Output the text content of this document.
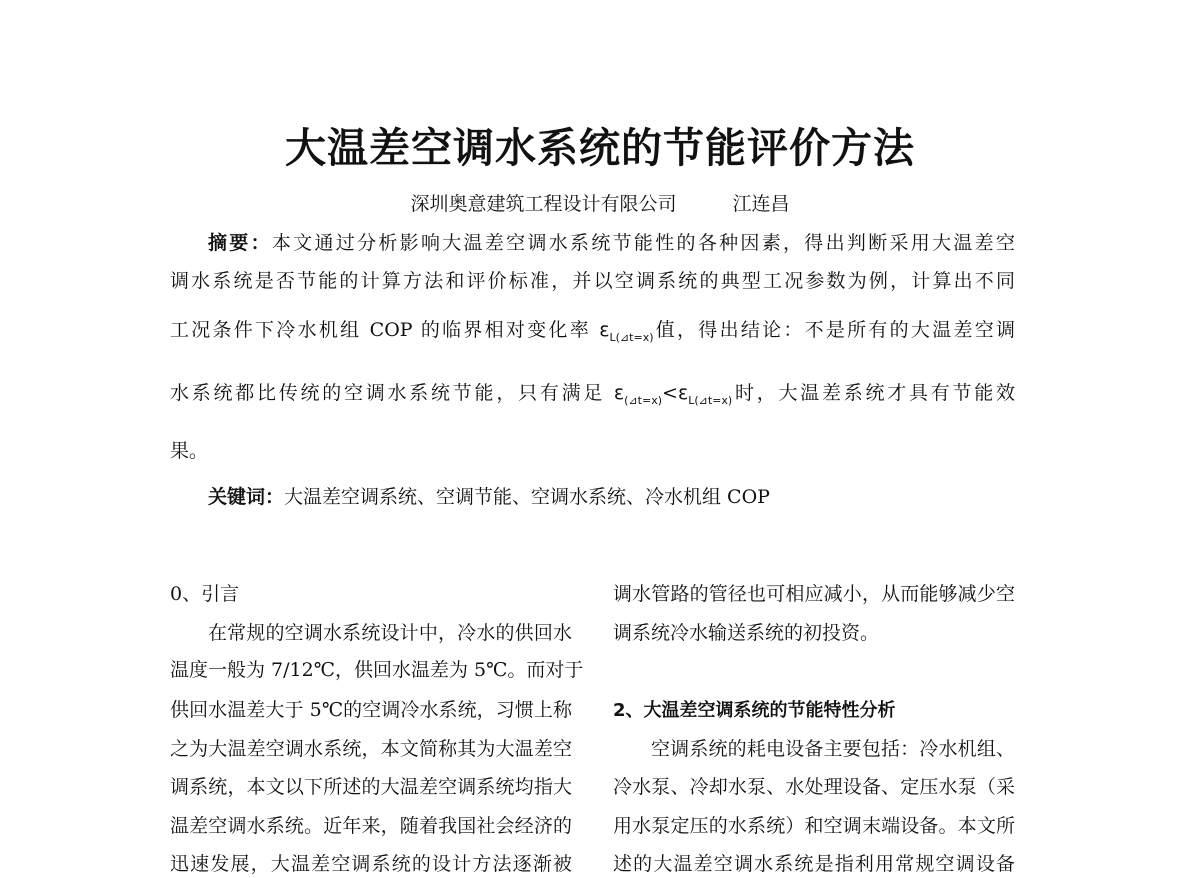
大温差空调水系统的节能评价方法
深圳奥意建筑工程设计有限公司	江连昌
摘要：本文通过分析影响大温差空调水系统节能性的各种因素，得出判断采用大温差空
调水系统是否节能的计算方法和评价标准，并以空调系统的典型工况参数为例，计算出不同
工况条件下冷水机组 COP 的临界相对变化率 $\varepsilon_{L(⊿t=x)}$值，得出结论：不是所有的大温差空调
水系统都比传统的空调水系统节能，只有满足 $\varepsilon_{(⊿t=x)}<\varepsilon_{L(⊿t=x)}$时，大温差系统才具有节能效
果。
关键词：大温差空调系统、空调节能、空调水系统、冷水机组 COP
0、引言
在常规的空调水系统设计中，冷水的供回水
温度一般为 7/12℃，供回水温差为 5℃。而对于
供回水温差大于 5℃的空调冷水系统，习惯上称
之为大温差空调水系统，本文简称其为大温差空
调系统，本文以下所述的大温差空调系统均指大
温差空调水系统。近年来，随着我国社会经济的
迅速发展，大温差空调系统的设计方法逐渐被
调水管路的管径也可相应减小，从而能够减少空
调系统冷水输送系统的初投资。
2、大温差空调系统的节能特性分析
空调系统的耗电设备主要包括：冷水机组、
冷水泵、冷却水泵、水处理设备、定压水泵（采
用水泵定压的水系统）和空调末端设备。本文所
述的大温差空调水系统是指利用常规空调设备
